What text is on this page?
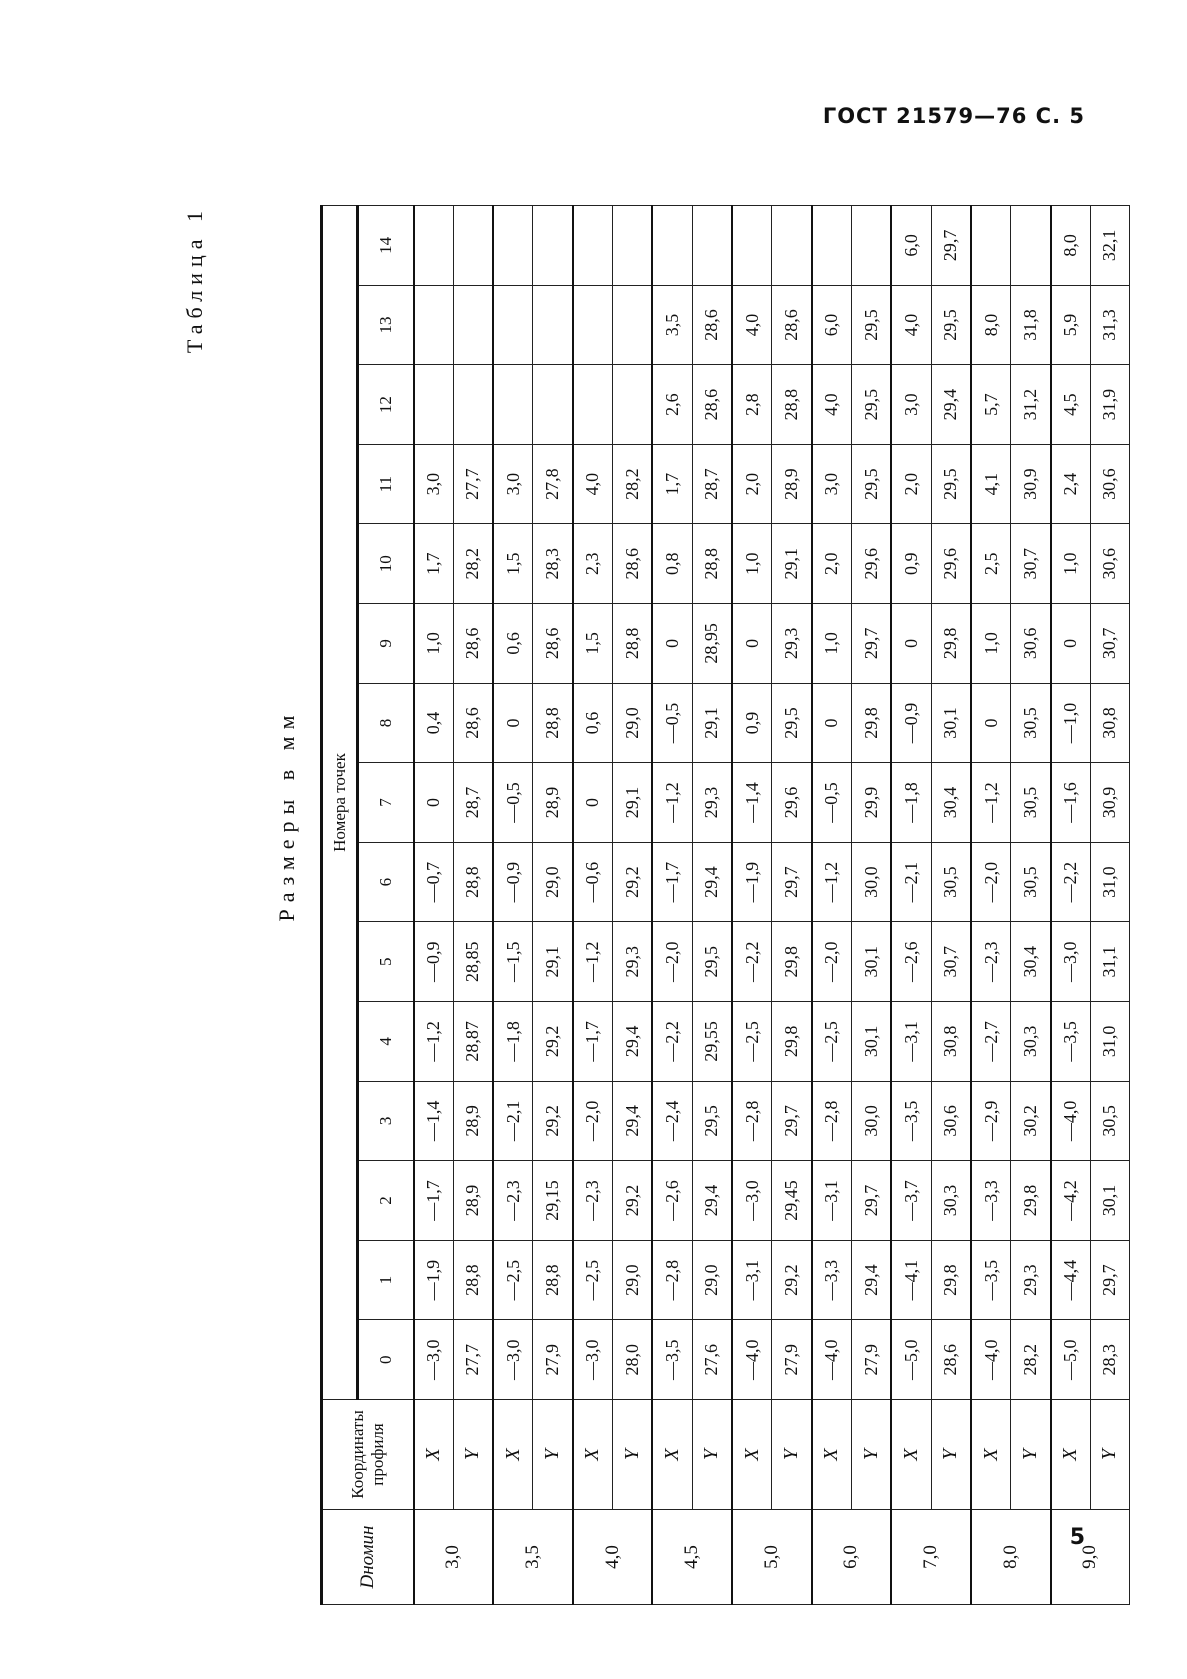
ГОСТ 21579—76 С. 5
Таблица 1
Размеры в мм
Dномин	Координаты профиля	Номера точек														
		0	1	2	3	4	5	6	7	8	9	10	11	12	13	14
3,0	X	—3,0	—1,9	—1,7	—1,4	—1,2	—0,9	—0,7	0	0,4	1,0	1,7	3,0			
	Y	27,7	28,8	28,9	28,9	28,87	28,85	28,8	28,7	28,6	28,6	28,2	27,7			
3,5	X	—3,0	—2,5	—2,3	—2,1	—1,8	—1,5	—0,9	—0,5	0	0,6	1,5	3,0			
	Y	27,9	28,8	29,15	29,2	29,2	29,1	29,0	28,9	28,8	28,6	28,3	27,8			
4,0	X	—3,0	—2,5	—2,3	—2,0	—1,7	—1,2	—0,6	0	0,6	1,5	2,3	4,0			
	Y	28,0	29,0	29,2	29,4	29,4	29,3	29,2	29,1	29,0	28,8	28,6	28,2			
4,5	X	—3,5	—2,8	—2,6	—2,4	—2,2	—2,0	—1,7	—1,2	—0,5	0	0,8	1,7	2,6	3,5	
	Y	27,6	29,0	29,4	29,5	29,55	29,5	29,4	29,3	29,1	28,95	28,8	28,7	28,6	28,6	
5,0	X	—4,0	—3,1	—3,0	—2,8	—2,5	—2,2	—1,9	—1,4	0,9	0	1,0	2,0	2,8	4,0	
	Y	27,9	29,2	29,45	29,7	29,8	29,8	29,7	29,6	29,5	29,3	29,1	28,9	28,8	28,6	
6,0	X	—4,0	—3,3	—3,1	—2,8	—2,5	—2,0	—1,2	—0,5	0	1,0	2,0	3,0	4,0	6,0	
	Y	27,9	29,4	29,7	30,0	30,1	30,1	30,0	29,9	29,8	29,7	29,6	29,5	29,5	29,5	
7,0	X	—5,0	—4,1	—3,7	—3,5	—3,1	—2,6	—2,1	—1,8	—0,9	0	0,9	2,0	3,0	4,0	6,0
	Y	28,6	29,8	30,3	30,6	30,8	30,7	30,5	30,4	30,1	29,8	29,6	29,5	29,4	29,5	29,7
8,0	X	—4,0	—3,5	—3,3	—2,9	—2,7	—2,3	—2,0	—1,2	0	1,0	2,5	4,1	5,7	8,0	
	Y	28,2	29,3	29,8	30,2	30,3	30,4	30,5	30,5	30,5	30,6	30,7	30,9	31,2	31,8	
9,0	X	—5,0	—4,4	—4,2	—4,0	—3,5	—3,0	—2,2	—1,6	—1,0	0	1,0	2,4	4,5	5,9	8,0
	Y	28,3	29,7	30,1	30,5	31,0	31,1	31,0	30,9	30,8	30,7	30,6	30,6	31,9	31,3	32,1
5
